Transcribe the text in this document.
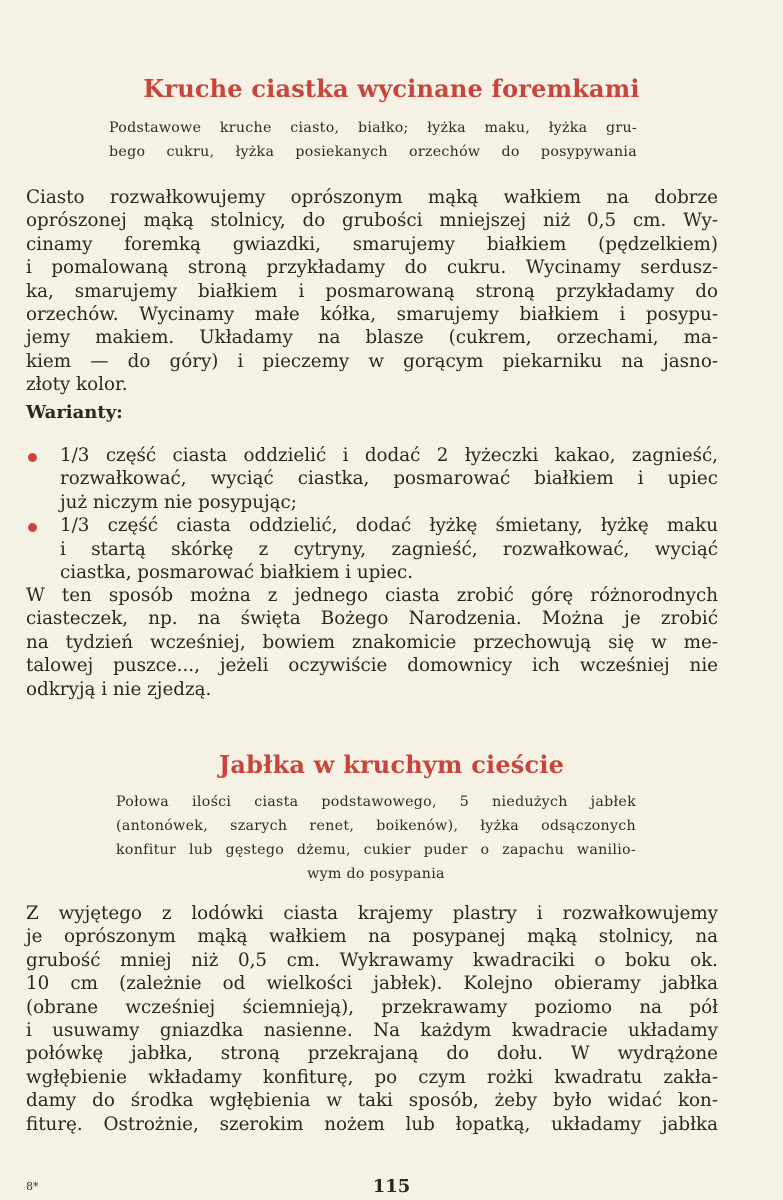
Kruche ciastka wycinane foremkami
Podstawowe kruche ciasto, białko; łyżka maku, łyżka gru-
bego cukru, łyżka posiekanych orzechów do posypywania
Ciasto rozwałkowujemy oprószonym mąką wałkiem na dobrze
oprószonej mąką stolnicy, do grubości mniejszej niż 0,5 cm. Wy-
cinamy foremką gwiazdki, smarujemy białkiem (pędzelkiem)
i pomalowaną stroną przykładamy do cukru. Wycinamy serdusz-
ka, smarujemy białkiem i posmarowaną stroną przykładamy do
orzechów. Wycinamy małe kółka, smarujemy białkiem i posypu-
jemy makiem. Układamy na blasze (cukrem, orzechami, ma-
kiem — do góry) i pieczemy w gorącym piekarniku na jasno-
złoty kolor.
Warianty:
1/3 część ciasta oddzielić i dodać 2 łyżeczki kakao, zagnieść,
rozwałkować, wyciąć ciastka, posmarować białkiem i upiec
już niczym nie posypując;
1/3 część ciasta oddzielić, dodać łyżkę śmietany, łyżkę maku
i startą skórkę z cytryny, zagnieść, rozwałkować, wyciąć
ciastka, posmarować białkiem i upiec.
W ten sposób można z jednego ciasta zrobić górę różnorodnych
ciasteczek, np. na święta Bożego Narodzenia. Można je zrobić
na tydzień wcześniej, bowiem znakomicie przechowują się w me-
talowej puszce..., jeżeli oczywiście domownicy ich wcześniej nie
odkryją i nie zjedzą.
Jabłka w kruchym cieście
Połowa ilości ciasta podstawowego, 5 niedużych jabłek
(antonówek, szarych renet, boikenów), łyżka odsączonych
konfitur lub gęstego dżemu, cukier puder o zapachu wanilio-
wym do posypania
Z wyjętego z lodówki ciasta krajemy plastry i rozwałkowujemy
je oprószonym mąką wałkiem na posypanej mąką stolnicy, na
grubość mniej niż 0,5 cm. Wykrawamy kwadraciki o boku ok.
10 cm (zależnie od wielkości jabłek). Kolejno obieramy jabłka
(obrane wcześniej ściemnieją), przekrawamy poziomo na pół
i usuwamy gniazdka nasienne. Na każdym kwadracie układamy
połówkę jabłka, stroną przekrajaną do dołu. W wydrążone
wgłębienie wkładamy konfiturę, po czym rożki kwadratu zakła-
damy do środka wgłębienia w taki sposób, żeby było widać kon-
fiturę. Ostrożnie, szerokim nożem lub łopatką, układamy jabłka
8*	115
